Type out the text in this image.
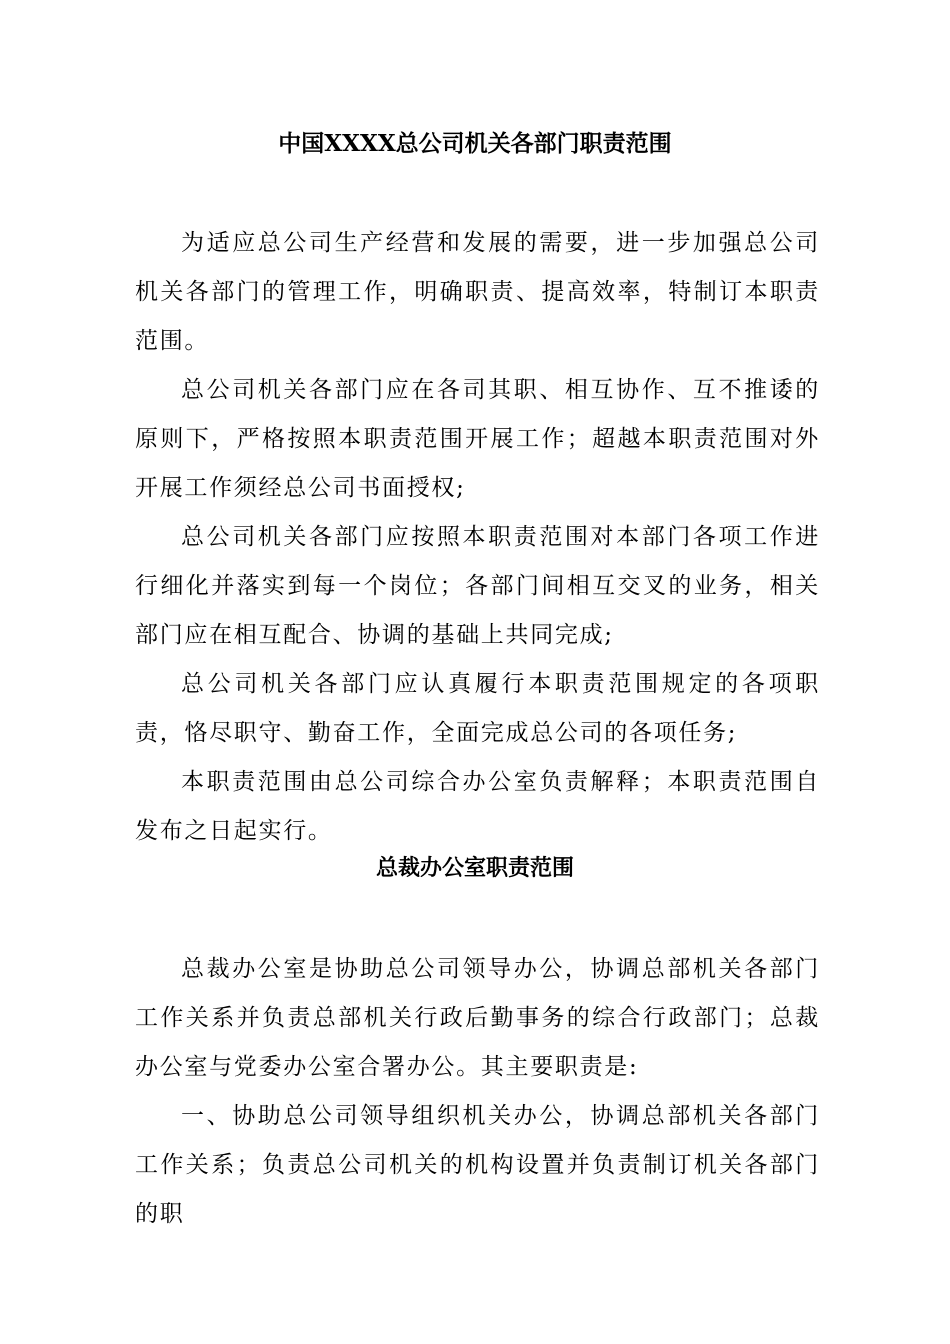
中国XXXX总公司机关各部门职责范围

为适应总公司生产经营和发展的需要，进一步加强总公司机关各部门的管理工作，明确职责、提高效率，特制订本职责范围。

总公司机关各部门应在各司其职、相互协作、互不推诿的原则下，严格按照本职责范围开展工作；超越本职责范围对外开展工作须经总公司书面授权;

总公司机关各部门应按照本职责范围对本部门各项工作进行细化并落实到每一个岗位；各部门间相互交叉的业务，相关部门应在相互配合、协调的基础上共同完成;

总公司机关各部门应认真履行本职责范围规定的各项职责，恪尽职守、勤奋工作，全面完成总公司的各项任务;

本职责范围由总公司综合办公室负责解释；本职责范围自发布之日起实行。

总裁办公室职责范围

总裁办公室是协助总公司领导办公，协调总部机关各部门工作关系并负责总部机关行政后勤事务的综合行政部门；总裁办公室与党委办公室合署办公。其主要职责是:

一、协助总公司领导组织机关办公，协调总部机关各部门工作关系；负责总公司机关的机构设置并负责制订机关各部门的职
